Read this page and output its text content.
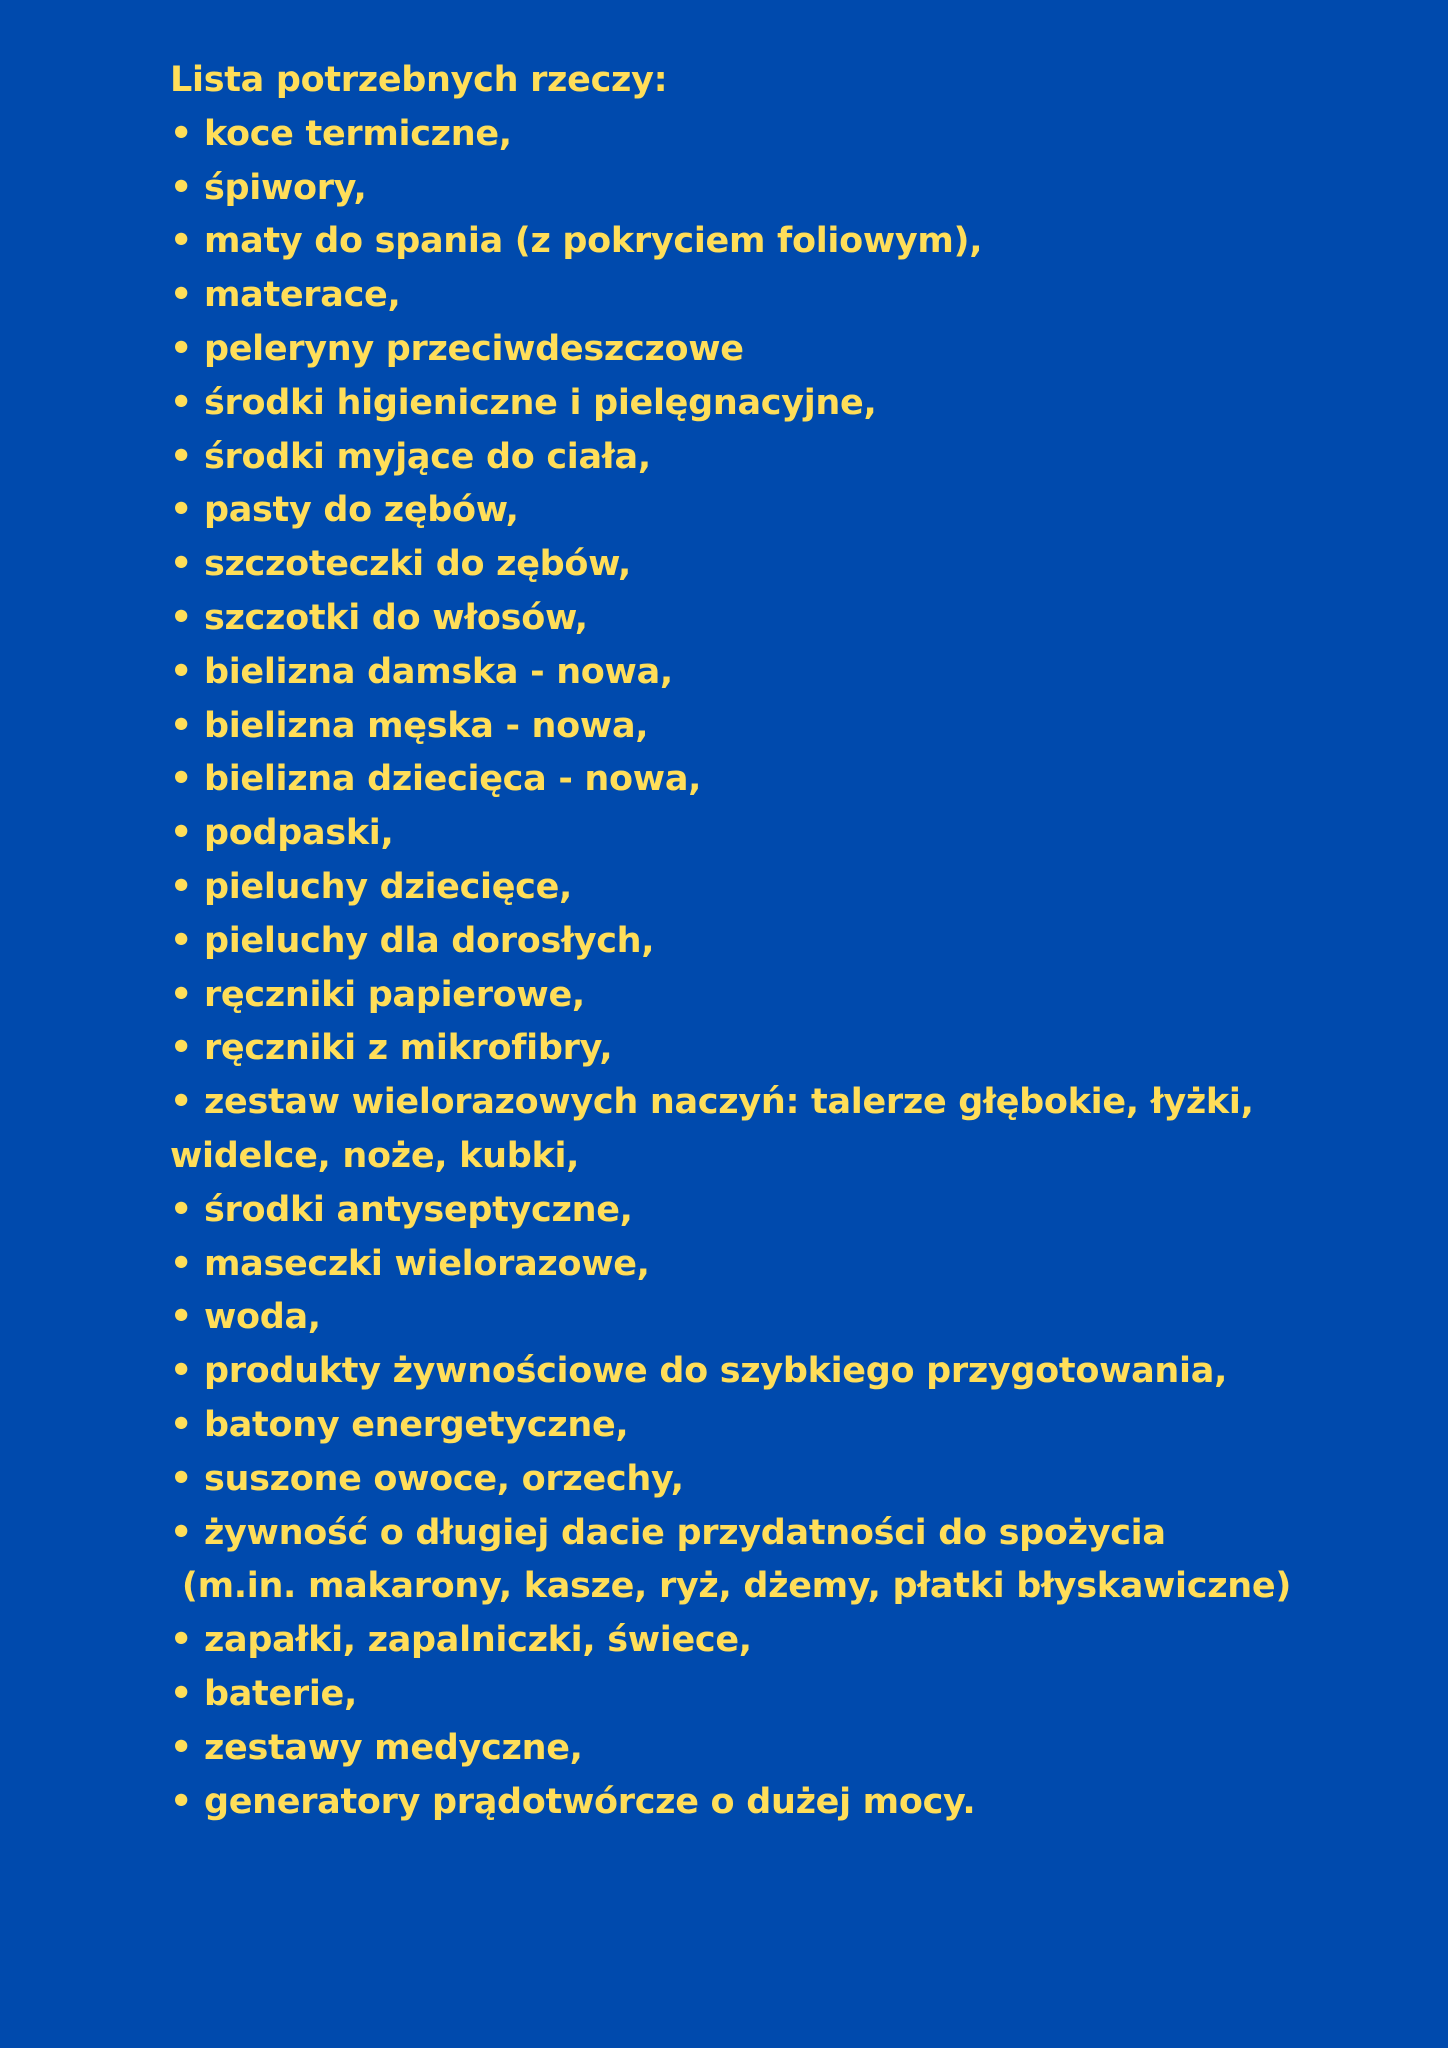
Lista potrzebnych rzeczy:
• koce termiczne,
• śpiwory,
• maty do spania (z pokryciem foliowym),
• materace,
• peleryny przeciwdeszczowe
• środki higieniczne i pielęgnacyjne,
• środki myjące do ciała,
• pasty do zębów,
• szczoteczki do zębów,
• szczotki do włosów,
• bielizna damska - nowa,
• bielizna męska - nowa,
• bielizna dziecięca - nowa,
• podpaski,
• pieluchy dziecięce,
• pieluchy dla dorosłych,
• ręczniki papierowe,
• ręczniki z mikrofibry,
• zestaw wielorazowych naczyń: talerze głębokie, łyżki,
widelce, noże, kubki,
• środki antyseptyczne,
• maseczki wielorazowe,
• woda,
• produkty żywnościowe do szybkiego przygotowania,
• batony energetyczne,
• suszone owoce, orzechy,
• żywność o długiej dacie przydatności do spożycia
(m.in. makarony, kasze, ryż, dżemy, płatki błyskawiczne)
• zapałki, zapalniczki, świece,
• baterie,
• zestawy medyczne,
• generatory prądotwórcze o dużej mocy.
